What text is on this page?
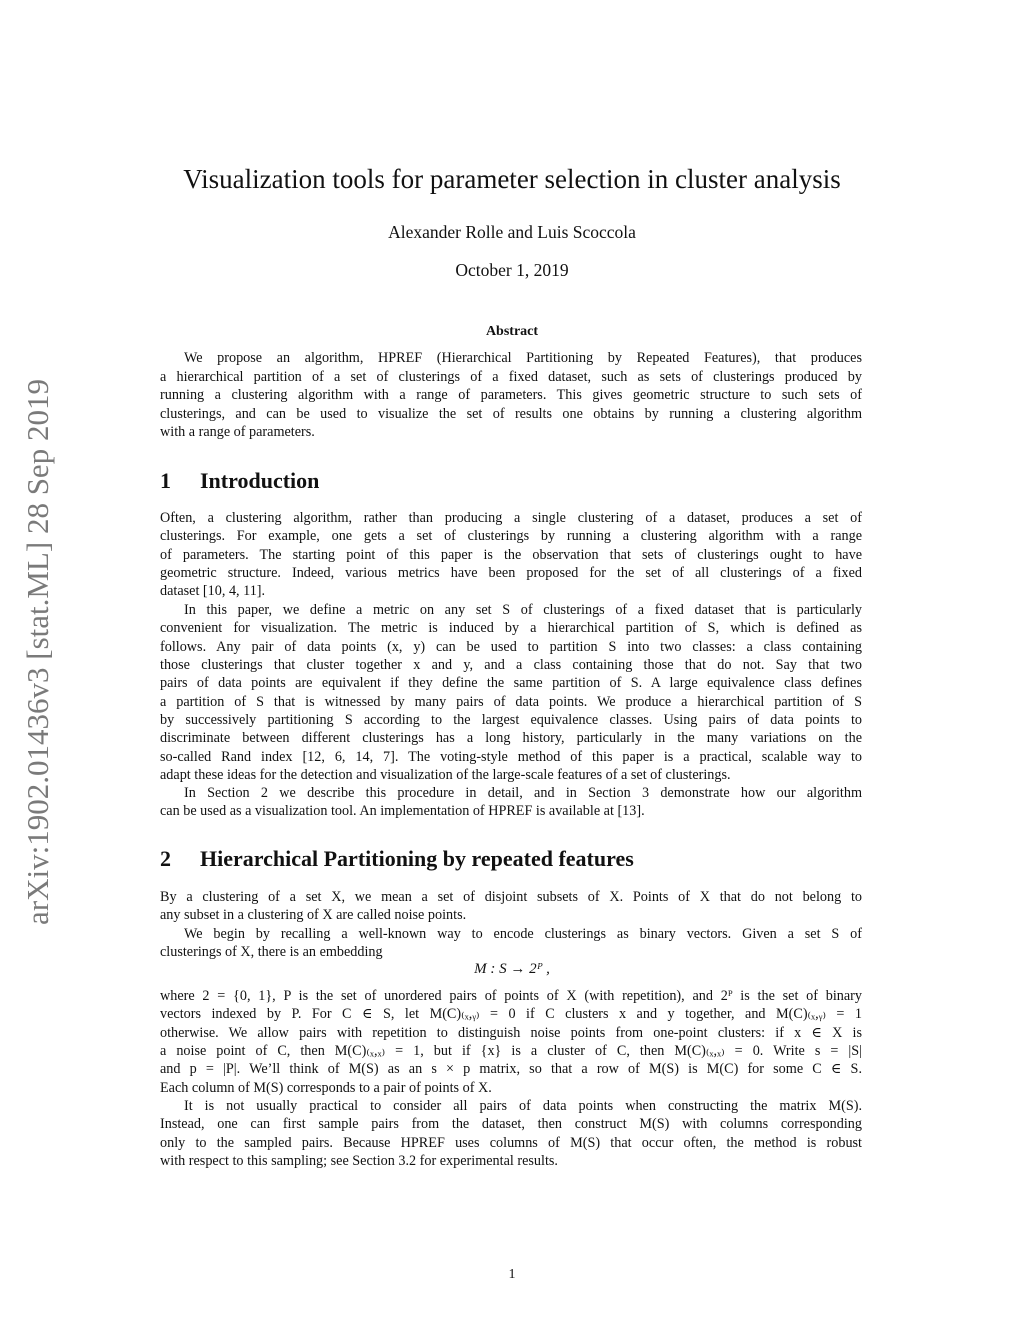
arXiv:1902.01436v3 [stat.ML] 28 Sep 2019
Visualization tools for parameter selection in cluster analysis
Alexander Rolle and Luis Scoccola
October 1, 2019
Abstract
We propose an algorithm, HPREF (Hierarchical Partitioning by Repeated Features), that produces
a hierarchical partition of a set of clusterings of a fixed dataset, such as sets of clusterings produced by
running a clustering algorithm with a range of parameters. This gives geometric structure to such sets of
clusterings, and can be used to visualize the set of results one obtains by running a clustering algorithm
with a range of parameters.
1 Introduction
2 Hierarchical Partitioning by repeated features
Often, a clustering algorithm, rather than producing a single clustering of a dataset, produces a set of
clusterings. For example, one gets a set of clusterings by running a clustering algorithm with a range
of parameters. The starting point of this paper is the observation that sets of clusterings ought to have
geometric structure. Indeed, various metrics have been proposed for the set of all clusterings of a fixed
dataset [10, 4, 11].
In this paper, we define a metric on any set S of clusterings of a fixed dataset that is particularly
convenient for visualization. The metric is induced by a hierarchical partition of S, which is defined as
follows. Any pair of data points (x, y) can be used to partition S into two classes: a class containing
those clusterings that cluster together x and y, and a class containing those that do not. Say that two
pairs of data points are equivalent if they define the same partition of S. A large equivalence class defines
a partition of S that is witnessed by many pairs of data points. We produce a hierarchical partition of S
by successively partitioning S according to the largest equivalence classes. Using pairs of data points to
discriminate between different clusterings has a long history, particularly in the many variations on the
so-called Rand index [12, 6, 14, 7]. The voting-style method of this paper is a practical, scalable way to
adapt these ideas for the detection and visualization of the large-scale features of a set of clusterings.
In Section 2 we describe this procedure in detail, and in Section 3 demonstrate how our algorithm
can be used as a visualization tool. An implementation of HPREF is available at [13].
By a clustering of a set X, we mean a set of disjoint subsets of X. Points of X that do not belong to
any subset in a clustering of X are called noise points.
We begin by recalling a well-known way to encode clusterings as binary vectors. Given a set S of
clusterings of X, there is an embedding
where 2 = {0, 1}, P is the set of unordered pairs of points of X (with repetition), and 2ᴾ is the set of binary
vectors indexed by P. For C ∈ S, let M(C)₍ₓ,ᵧ₎ = 0 if C clusters x and y together, and M(C)₍ₓ,ᵧ₎ = 1
otherwise. We allow pairs with repetition to distinguish noise points from one-point clusters: if x ∈ X is
a noise point of C, then M(C)₍ₓ,ₓ₎ = 1, but if {x} is a cluster of C, then M(C)₍ₓ,ₓ₎ = 0. Write s = |S|
and p = |P|. We’ll think of M(S) as an s × p matrix, so that a row of M(S) is M(C) for some C ∈ S.
Each column of M(S) corresponds to a pair of points of X.
It is not usually practical to consider all pairs of data points when constructing the matrix M(S).
Instead, one can first sample pairs from the dataset, then construct M(S) with columns corresponding
only to the sampled pairs. Because HPREF uses columns of M(S) that occur often, the method is robust
with respect to this sampling; see Section 3.2 for experimental results.
M : S → 2ᴾ ,
1
